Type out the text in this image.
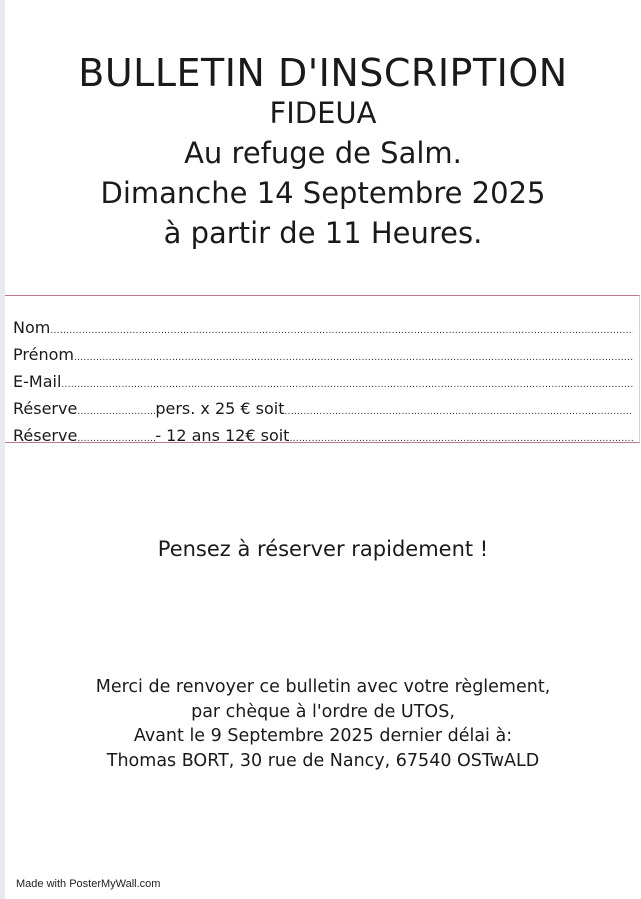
BULLETIN D'INSCRIPTION
FIDEUA
Au refuge de Salm.
Dimanche 14 Septembre 2025
à partir de 11 Heures.
Nom
.....
Prénom
.....
E-Mail
.....
Réserve .....	pers. x 25 € soit
.....
Réserve .....	- 12 ans 12€ soit
.....
Pensez à réserver rapidement !
Merci de renvoyer ce bulletin avec votre règlement,
par chèque à l'ordre de UTOS,
Avant le 9 Septembre 2025 dernier délai à:
Thomas BORT, 30 rue de Nancy, 67540 OSTwALD
Made with PosterMyWall.com
